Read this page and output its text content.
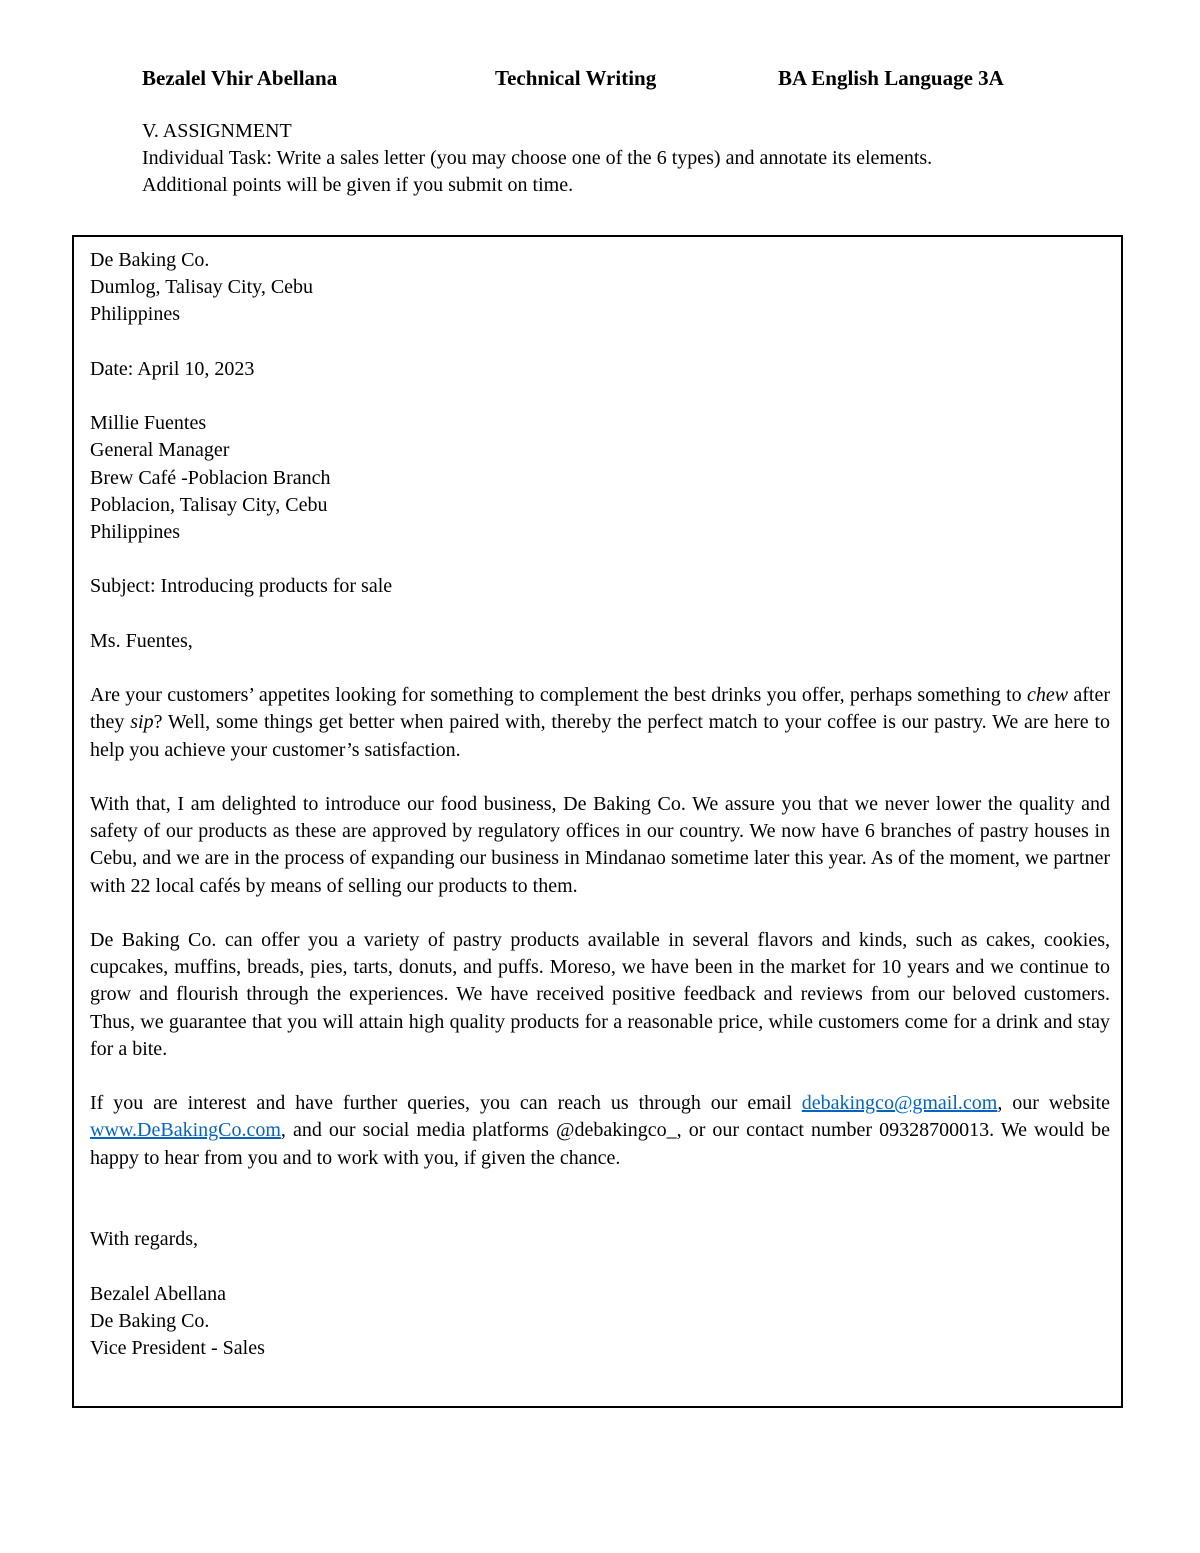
Bezalel Vhir Abellana	Technical Writing	BA English Language 3A
V. ASSIGNMENT
Individual Task: Write a sales letter (you may choose one of the 6 types) and annotate its elements.
Additional points will be given if you submit on time.
De Baking Co.
Dumlog, Talisay City, Cebu
Philippines
Date: April 10, 2023
Millie Fuentes
General Manager
Brew Café -Poblacion Branch
Poblacion, Talisay City, Cebu
Philippines
Subject: Introducing products for sale
Ms. Fuentes,

Are your customers’ appetites looking for something to complement the best drinks you offer, perhaps something to chew after they sip? Well, some things get better when paired with, thereby the perfect match to your coffee is our pastry. We are here to help you achieve your customer’s satisfaction.

With that, I am delighted to introduce our food business, De Baking Co. We assure you that we never lower the quality and safety of our products as these are approved by regulatory offices in our country. We now have 6 branches of pastry houses in Cebu, and we are in the process of expanding our business in Mindanao sometime later this year. As of the moment, we partner with 22 local cafés by means of selling our products to them.

De Baking Co. can offer you a variety of pastry products available in several flavors and kinds, such as cakes, cookies, cupcakes, muffins, breads, pies, tarts, donuts, and puffs. Moreso, we have been in the market for 10 years and we continue to grow and flourish through the experiences. We have received positive feedback and reviews from our beloved customers. Thus, we guarantee that you will attain high quality products for a reasonable price, while customers come for a drink and stay for a bite.

If you are interest and have further queries, you can reach us through our email debakingco@gmail.com, our website www.DeBakingCo.com, and our social media platforms @debakingco_, or our contact number 09328700013. We would be happy to hear from you and to work with you, if given the chance.

With regards,
Bezalel Abellana
De Baking Co.
Vice President - Sales
